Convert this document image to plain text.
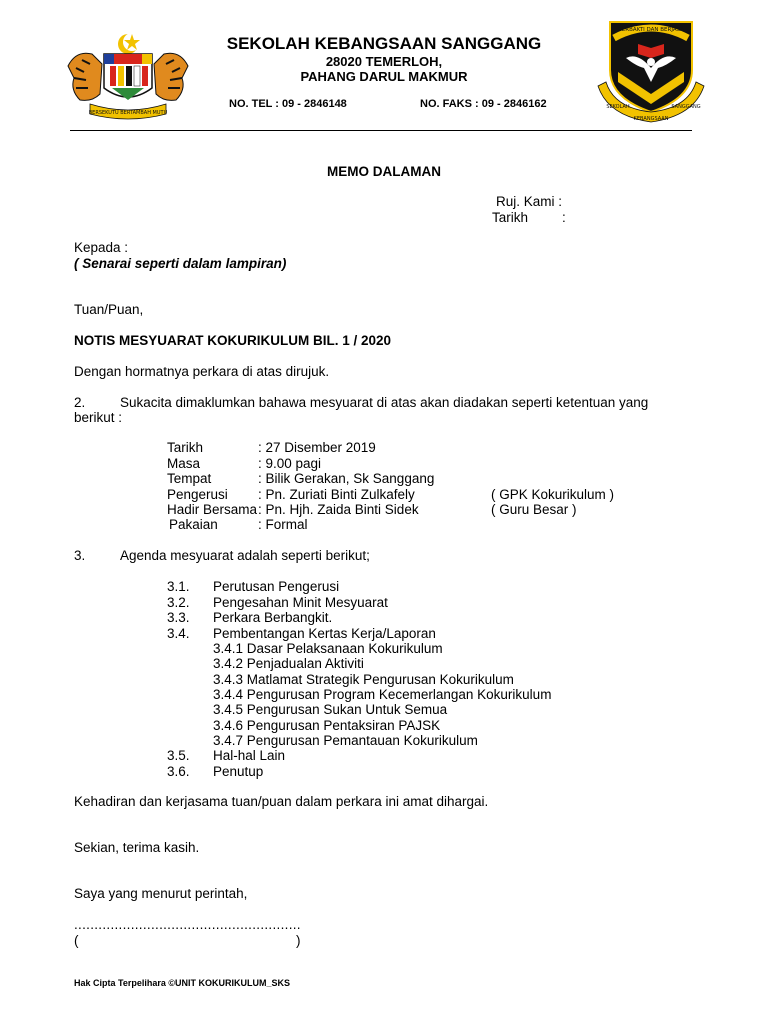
BERSEKUTU BERTAMBAH MUTU
SEKOLAH KEBANGSAAN SANGGANG
28020 TEMERLOH,
PAHANG DARUL MAKMUR
NO. TEL : 09 - 2846148	NO. FAKS : 09 - 2846162
BERBAKTI DAN BERJASA
SEKOLAH
KEBANGSAAN
SANGGANG
MEMO DALAMAN
Ruj. Kami :
Tarikh	:
Kepada :
( Senarai seperti dalam lampiran)
Tuan/Puan,
NOTIS MESYUARAT KOKURIKULUM BIL. 1 / 2020
Dengan hormatnya perkara di atas dirujuk.
2.	Sukacita dimaklumkan bahawa mesyuarat di atas akan diadakan seperti ketentuan yang
berikut :
Tarikh	: 27 Disember 2019
Masa	: 9.00 pagi
Tempat	: Bilik Gerakan, Sk Sanggang
Pengerusi : Pn. Zuriati Binti Zulkafely	( GPK Kokurikulum )
Hadir Bersama : Pn. Hjh. Zaida Binti Sidek	( Guru Besar )
Pakaian	: Formal
3.	Agenda mesyuarat adalah seperti berikut;
3.1. Perutusan Pengerusi
3.2. Pengesahan Minit Mesyuarat
3.3. Perkara Berbangkit.
3.4. Pembentangan Kertas Kerja/Laporan
3.4.1 Dasar Pelaksanaan Kokurikulum
3.4.2 Penjadualan Aktiviti
3.4.3 Matlamat Strategik Pengurusan Kokurikulum
3.4.4 Pengurusan Program Kecemerlangan Kokurikulum
3.4.5 Pengurusan Sukan Untuk Semua
3.4.6 Pengurusan Pentaksiran PAJSK
3.4.7 Pengurusan Pemantauan Kokurikulum
3.5. Hal-hal Lain
3.6. Penutup
Kehadiran dan kerjasama tuan/puan dalam perkara ini amat dihargai.
Sekian, terima kasih.
Saya yang menurut perintah,
........................................................
(	)
Hak Cipta Terpelihara ©UNIT KOKURIKULUM_SKS
